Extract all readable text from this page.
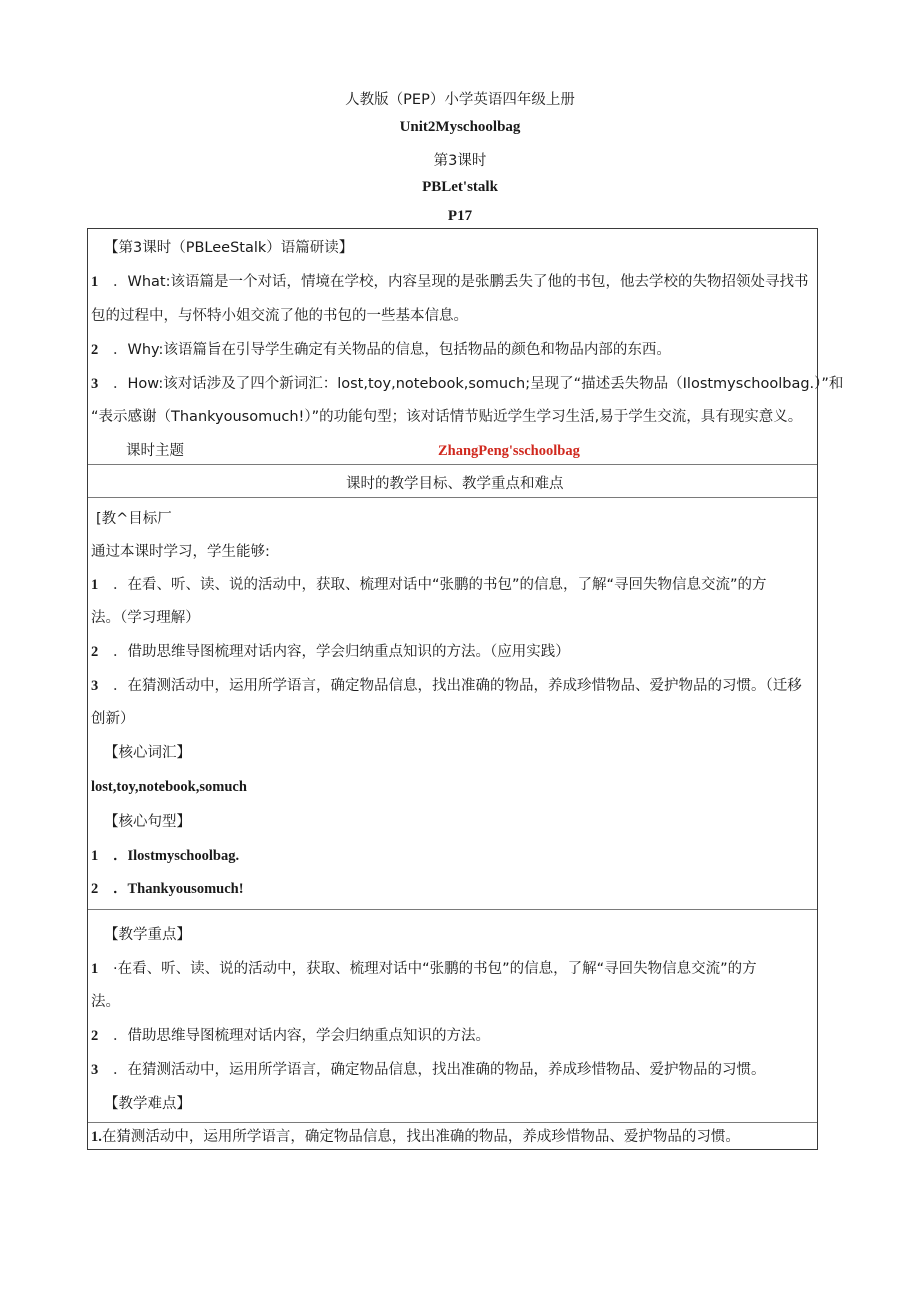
人教版（PEP）小学英语四年级上册
Unit2Myschoolbag
第3课时
PBLet'stalk
P17
【第3课时（PBLeeStalk）语篇研读】
1 ．What:该语篇是一个对话，情境在学校，内容呈现的是张鹏丢失了他的书包，他去学校的失物招领处寻找书
包的过程中，与怀特小姐交流了他的书包的一些基本信息。
2 ．Why:该语篇旨在引导学生确定有关物品的信息，包括物品的颜色和物品内部的东西。
3 ．How:该对话涉及了四个新词汇：lost,toy,notebook,somuch;呈现了“描述丢失物品（Ilostmyschoolbag.）”和
“表示感谢（Thankyousomuch!）”的功能句型；该对话情节贴近学生学习生活,易于学生交流，具有现实意义。
课时主题	ZhangPeng'sschoolbag
课时的教学目标、教学重点和难点
[教^目标厂
通过本课时学习，学生能够:
1 ．在看、听、读、说的活动中，获取、梳理对话中“张鹏的书包”的信息，了解“寻回失物信息交流”的方
法。（学习理解）
2 ．借助思维导图梳理对话内容，学会归纳重点知识的方法。（应用实践）
3 ．在猜测活动中，运用所学语言，确定物品信息，找出准确的物品，养成珍惜物品、爱护物品的习惯。（迁移
创新）
【核心词汇】
lost,toy,notebook,somuch
【核心句型】
1 ．Ilostmyschoolbag.
2 ．Thankyousomuch!
【教学重点】
1 ·在看、听、读、说的活动中，获取、梳理对话中“张鹏的书包”的信息，了解“寻回失物信息交流”的方
法。
2 ．借助思维导图梳理对话内容，学会归纳重点知识的方法。
3 ．在猜测活动中，运用所学语言，确定物品信息，找出准确的物品，养成珍惜物品、爱护物品的习惯。
【教学难点】
1.在猜测活动中，运用所学语言，确定物品信息，找出准确的物品，养成珍惜物品、爱护物品的习惯。
